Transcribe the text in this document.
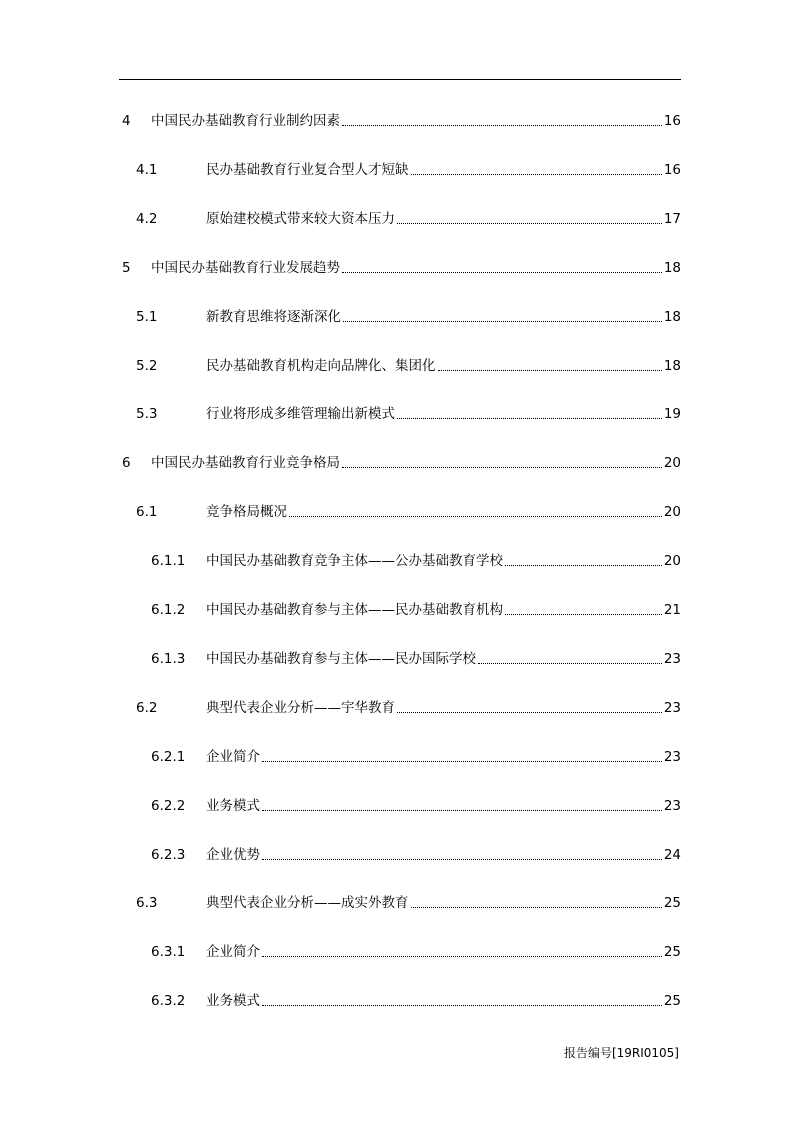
4	中国民办基础教育行业制约因素	16
4.1	民办基础教育行业复合型人才短缺	16
4.2	原始建校模式带来较大资本压力	17
5	中国民办基础教育行业发展趋势	18
5.1	新教育思维将逐渐深化	18
5.2	民办基础教育机构走向品牌化、集团化	18
5.3	行业将形成多维管理输出新模式	19
6	中国民办基础教育行业竞争格局	20
6.1	竞争格局概况	20
6.1.1	中国民办基础教育竞争主体——公办基础教育学校	20
6.1.2	中国民办基础教育参与主体——民办基础教育机构	21
6.1.3	中国民办基础教育参与主体——民办国际学校	23
6.2	典型代表企业分析——宇华教育	23
6.2.1	企业简介	23
6.2.2	业务模式	23
6.2.3	企业优势	24
6.3	典型代表企业分析——成实外教育	25
6.3.1	企业简介	25
6.3.2	业务模式	25
报告编号[19RI0105]
